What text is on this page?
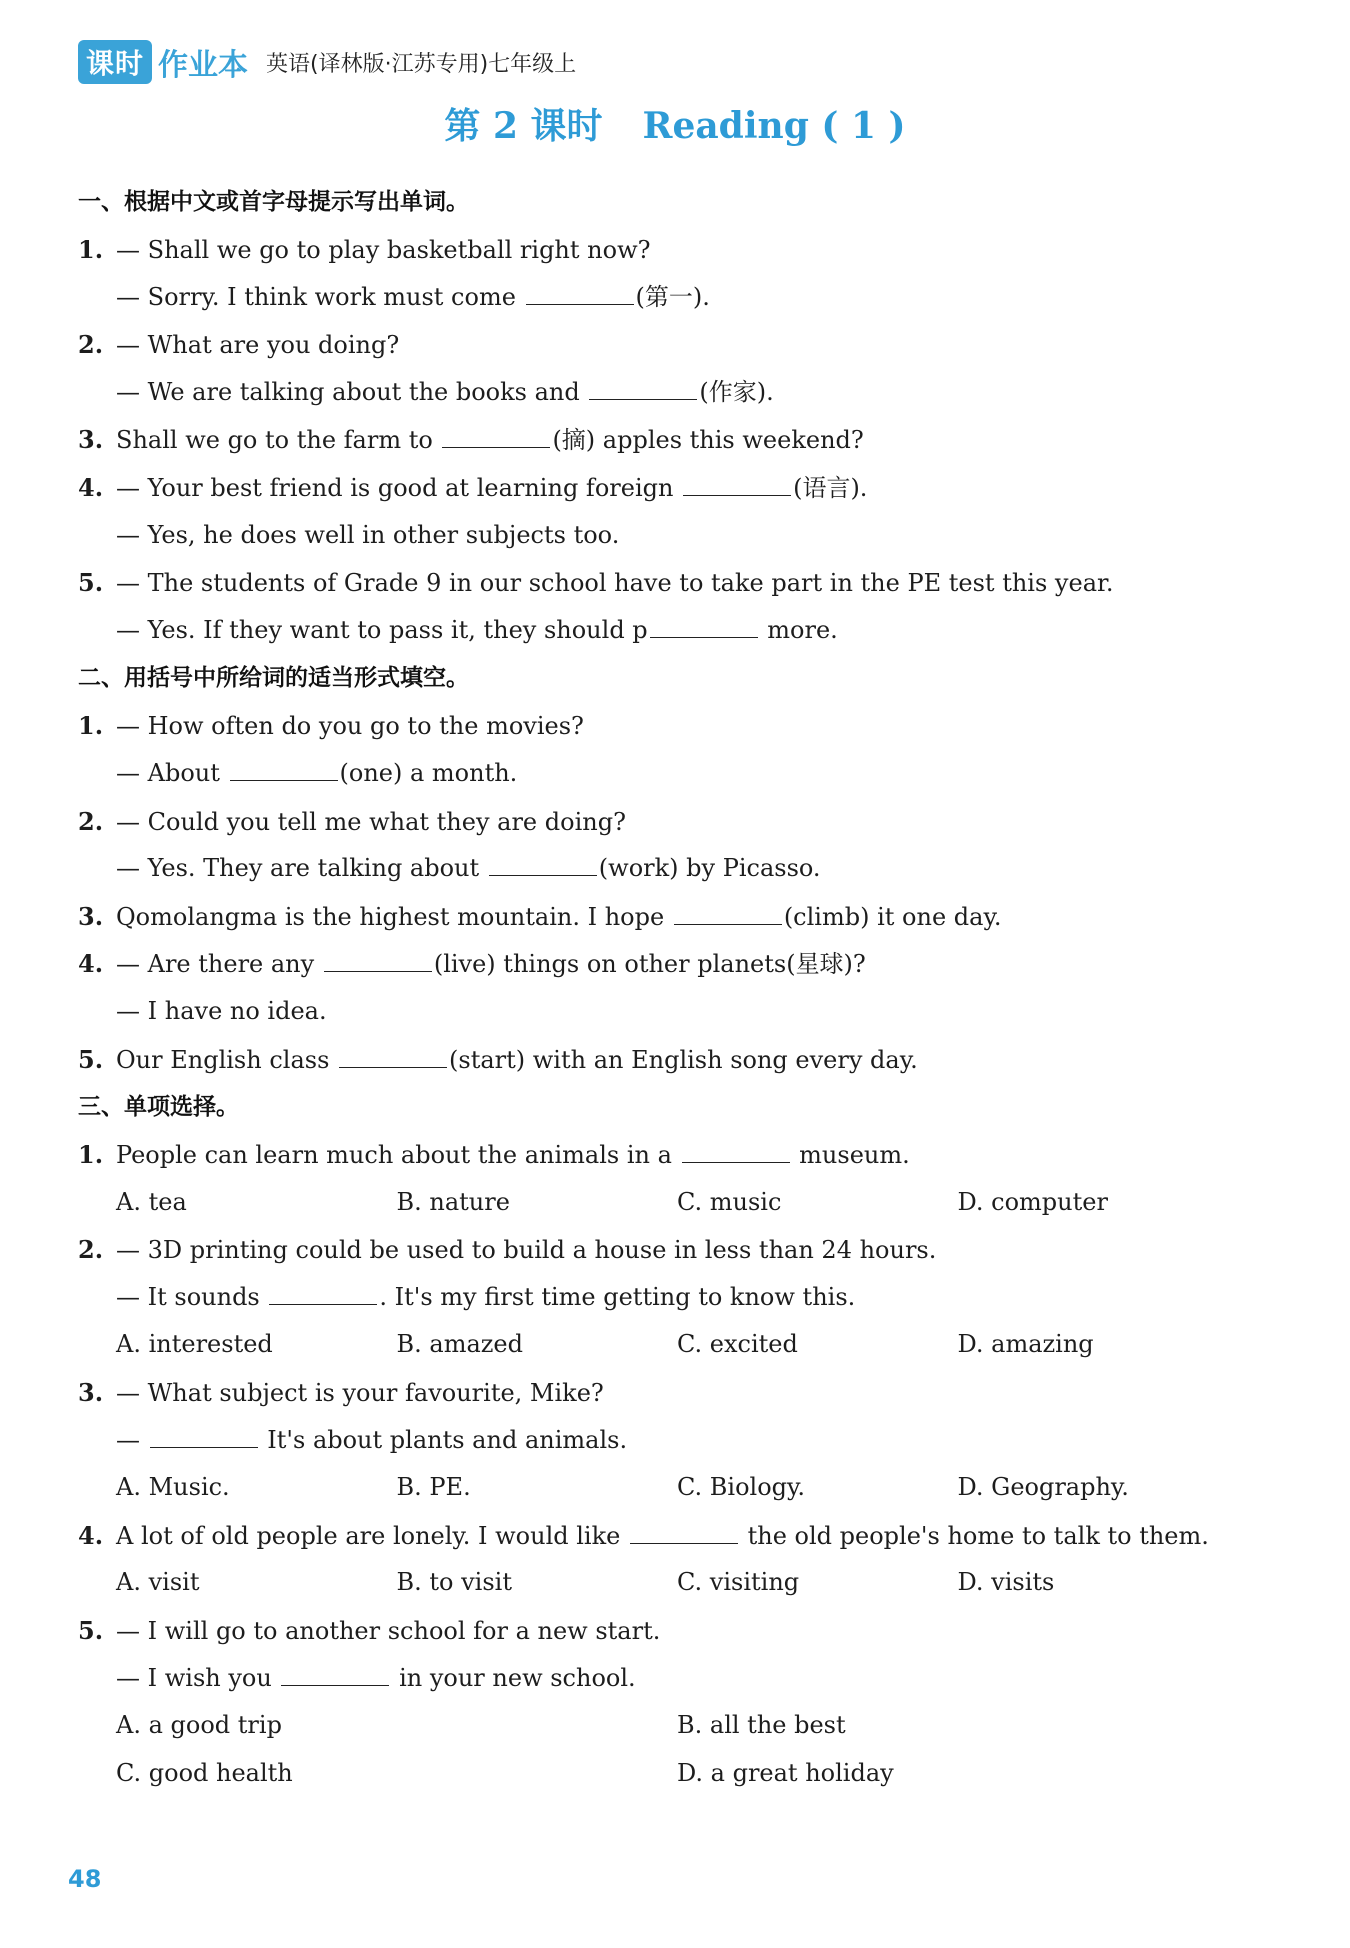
课时 作业本 英语(译林版·江苏专用)七年级上
第 2 课时 Reading ( 1 )
一、根据中文或首字母提示写出单词。
1. — Shall we go to play basketball right now?
— Sorry. I think work must come	(第一).
2. — What are you doing?
— We are talking about the books and	(作家).
3. Shall we go to the farm to	(摘) apples this weekend?
4. — Your best friend is good at learning foreign	(语言).
— Yes, he does well in other subjects too.
5. — The students of Grade 9 in our school have to take part in the PE test this year.
— Yes. If they want to pass it, they should p	more.
二、用括号中所给词的适当形式填空。
1. — How often do you go to the movies?
— About	(one) a month.
2. — Could you tell me what they are doing?
— Yes. They are talking about	(work) by Picasso.
3. Qomolangma is the highest mountain. I hope	(climb) it one day.
4. — Are there any	(live) things on other planets(星球)?
— I have no idea.
5. Our English class	(start) with an English song every day.
三、单项选择。
1. People can learn much about the animals in a	museum.
A. tea	B. nature	C. music	D. computer
2. — 3D printing could be used to build a house in less than 24 hours.
— It sounds	. It's my first time getting to know this.
A. interested	B. amazed	C. excited	D. amazing
3. — What subject is your favourite, Mike?
—	It's about plants and animals.
A. Music.	B. PE.	C. Biology.	D. Geography.
4. A lot of old people are lonely. I would like	the old people's home to talk to them.
A. visit	B. to visit	C. visiting	D. visits
5. — I will go to another school for a new start.
— I wish you	in your new school.
A. a good trip	B. all the best
C. good health	D. a great holiday
48
